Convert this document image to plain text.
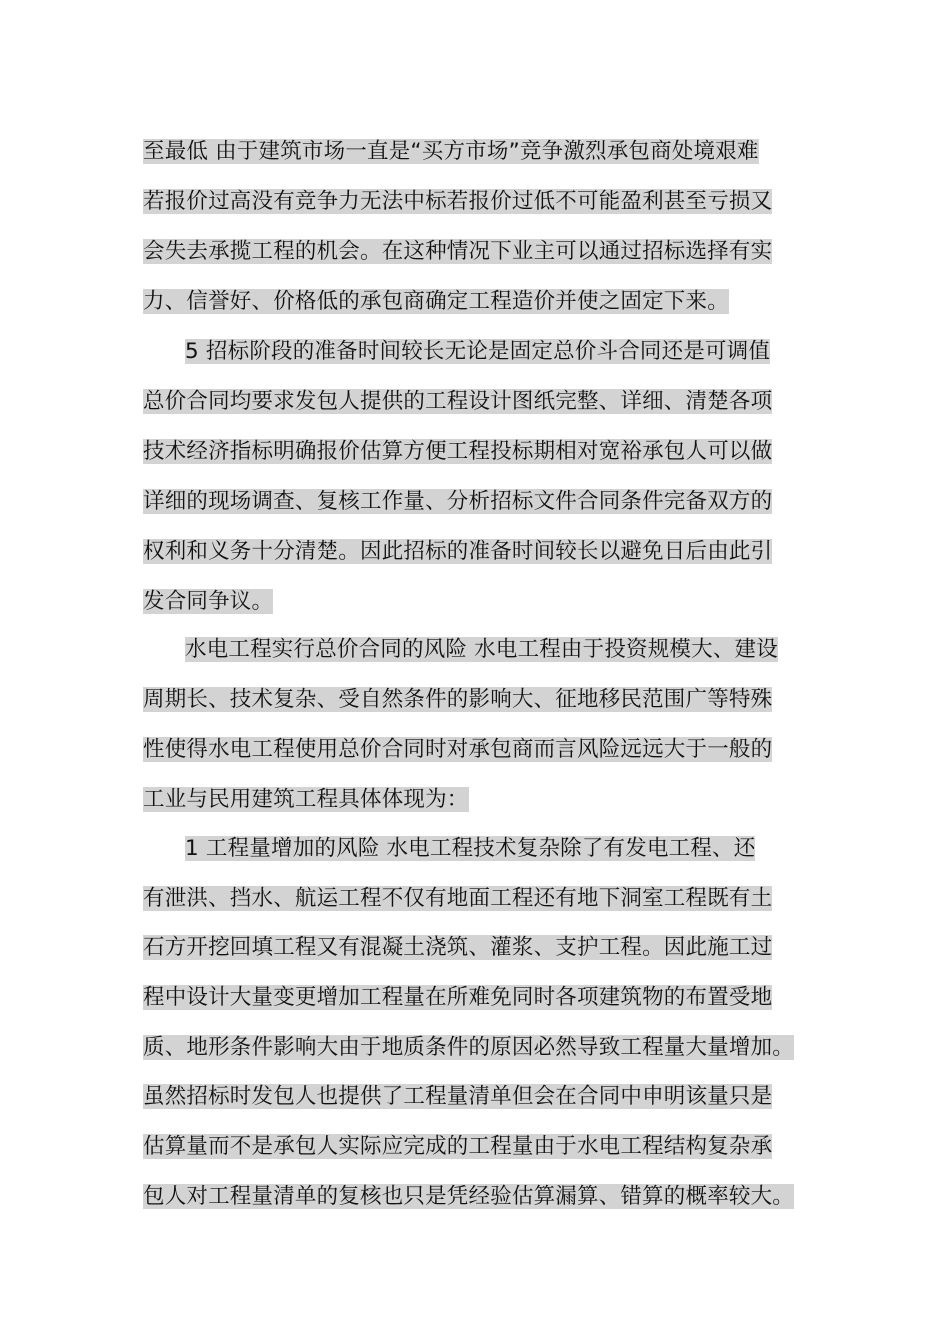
至最低 由于建筑市场一直是“买方市场”竞争激烈承包商处境艰难
若报价过高没有竞争力无法中标若报价过低不可能盈利甚至亏损又
会失去承揽工程的机会。在这种情况下业主可以通过招标选择有实
力、信誉好、价格低的承包商确定工程造价并使之固定下来。
5 招标阶段的准备时间较长无论是固定总价斗合同还是可调值
总价合同均要求发包人提供的工程设计图纸完整、详细、清楚各项
技术经济指标明确报价估算方便工程投标期相对宽裕承包人可以做
详细的现场调查、复核工作量、分析招标文件合同条件完备双方的
权利和义务十分清楚。因此招标的准备时间较长以避免日后由此引
发合同争议。
水电工程实行总价合同的风险 水电工程由于投资规模大、建设
周期长、技术复杂、受自然条件的影响大、征地移民范围广等特殊
性使得水电工程使用总价合同时对承包商而言风险远远大于一般的
工业与民用建筑工程具体体现为：
1 工程量增加的风险 水电工程技术复杂除了有发电工程、还
有泄洪、挡水、航运工程不仅有地面工程还有地下洞室工程既有土
石方开挖回填工程又有混凝土浇筑、灌浆、支护工程。因此施工过
程中设计大量变更增加工程量在所难免同时各项建筑物的布置受地
质、地形条件影响大由于地质条件的原因必然导致工程量大量增加。
虽然招标时发包人也提供了工程量清单但会在合同中申明该量只是
估算量而不是承包人实际应完成的工程量由于水电工程结构复杂承
包人对工程量清单的复核也只是凭经验估算漏算、错算的概率较大。
